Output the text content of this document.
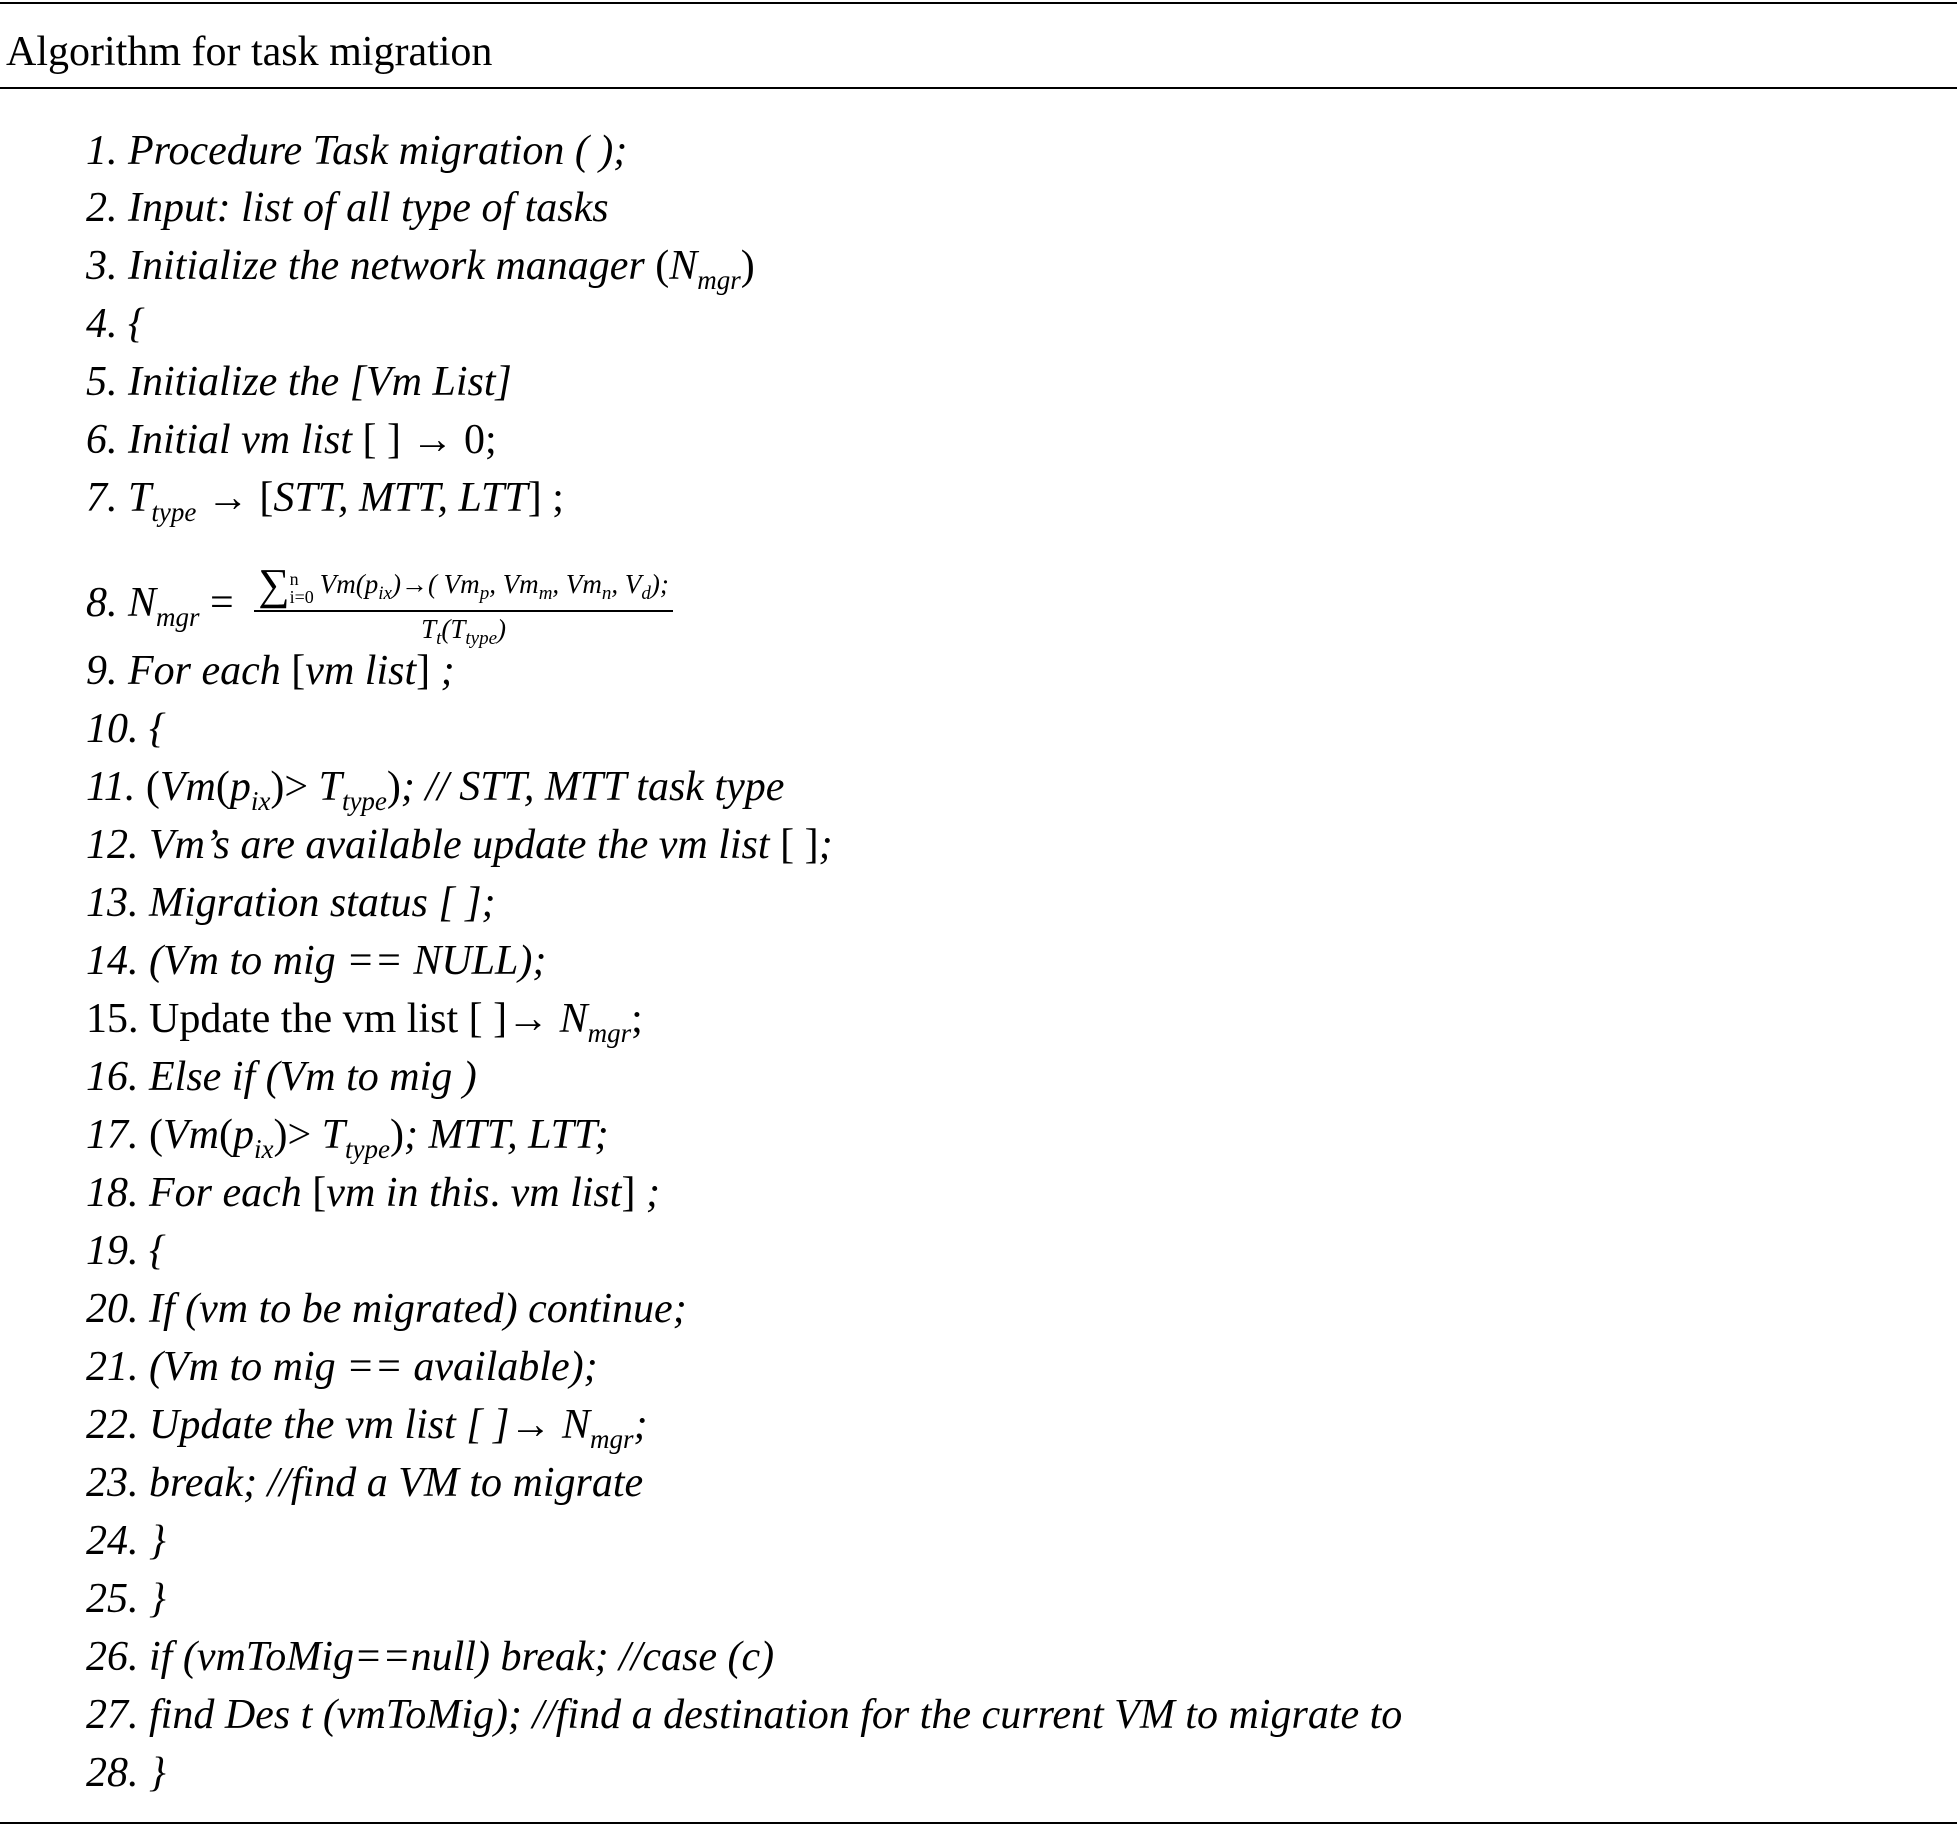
Algorithm for task migration
1. Procedure Task migration ( );
2. Input: list of all type of tasks
3. Initialize the network manager $(N_{mgr})$
4. {
5. Initialize the [Vm List]
6. Initial vm list [ ] → 0;
7. $T_{type} \to [STT$, MTT, LTT] ;
8. $N_{mgr}$ = ∑ n
i=0 $Vm(p_{ix})\to$( $Vm_p$, $Vm_m$, $Vm_n$, $V_d$);
$T_t(T_{type})$
9. For each [vm list] ;
10. {
11. $(Vm(p_{ix})> T_{type})$; // STT, MTT task type
12. Vm’s are available update the vm list [ ];
13. Migration status [ ];
14. (Vm to mig == NULL);
15. Update the vm list [ ]→ $N_{mgr}$;
16. Else if (Vm to mig )
17. $(Vm(p_{ix})> T_{type})$; MTT, LTT;
18. For each [vm in this. vm list] ;
19. {
20. If (vm to be migrated) continue;
21. (Vm to mig == available);
22. Update the vm list [ ]→ $N_{mgr}$;
23. break; //find a VM to migrate
24. }
25. }
26. if (vmToMig==null) break; //case (c)
27. find Des t (vmToMig); //find a destination for the current VM to migrate to
28. }
